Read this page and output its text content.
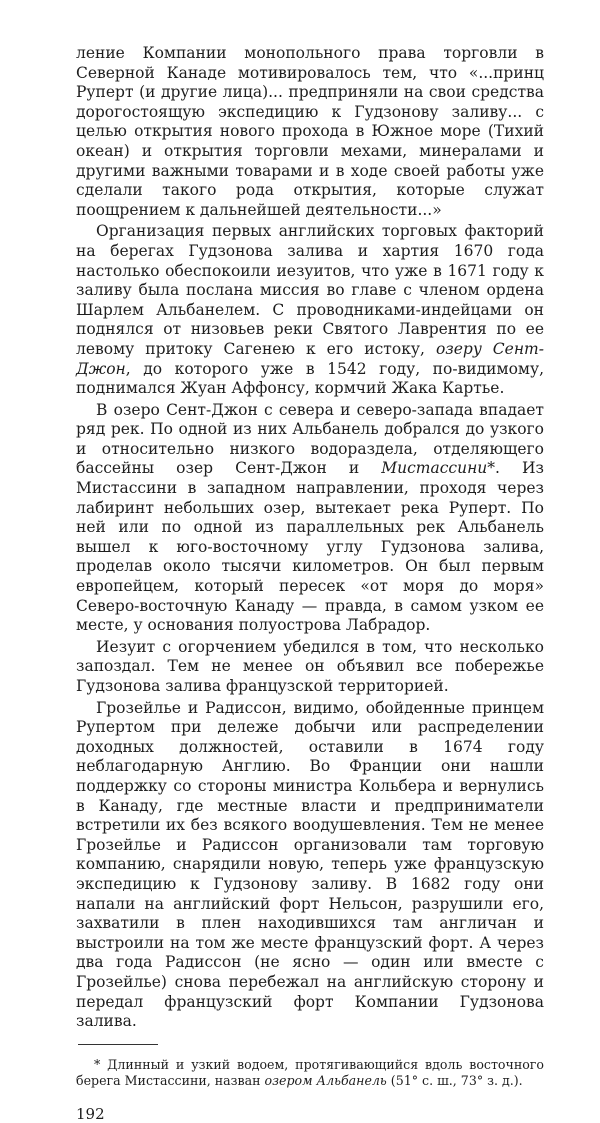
ление Компании монопольного права торговли в Северной Канаде мотивировалось тем, что «...принц Руперт (и другие лица)... предприняли на свои средства дорогостоящую экспедицию к Гудзонову заливу... с целью открытия нового прохода в Южное море (Тихий океан) и открытия торговли мехами, минералами и другими важными товарами и в ходе своей работы уже сделали такого рода открытия, которые служат поощрением к дальнейшей деятельности...»

Организация первых английских торговых факторий на берегах Гудзонова залива и хартия 1670 года настолько обеспокоили иезуитов, что уже в 1671 году к заливу была послана миссия во главе с членом ордена Шарлем Альбанелем. С проводниками-индейцами он поднялся от низовьев реки Святого Лаврентия по ее левому притоку Сагенею к его истоку, озеру Сент-Джон, до которого уже в 1542 году, по-видимому, поднимался Жуан Аффонсу, кормчий Жака Картье.

В озеро Сент-Джон с севера и северо-запада впадает ряд рек. По одной из них Альбанель добрался до узкого и относительно низкого водораздела, отделяющего бассейны озер Сент-Джон и Мистассини*. Из Мистассини в западном направлении, проходя через лабиринт небольших озер, вытекает река Руперт. По ней или по одной из параллельных рек Альбанель вышел к юго-восточному углу Гудзонова залива, проделав около тысячи километров. Он был первым европейцем, который пересек «от моря до моря» Северо-восточную Канаду — правда, в самом узком ее месте, у основания полуострова Лабрадор.

Иезуит с огорчением убедился в том, что несколько запоздал. Тем не менее он объявил все побережье Гудзонова залива французской территорией.

Грозейлье и Радиссон, видимо, обойденные принцем Рупертом при дележе добычи или распределении доходных должностей, оставили в 1674 году неблагодарную Англию. Во Франции они нашли поддержку со стороны министра Кольбера и вернулись в Канаду, где местные власти и предприниматели встретили их без всякого воодушевления. Тем не менее Грозейлье и Радиссон организовали там торговую компанию, снарядили новую, теперь уже французскую экспедицию к Гудзонову заливу. В 1682 году они напали на английский форт Нельсон, разрушили его, захватили в плен находившихся там англичан и выстроили на том же месте французский форт. А через два года Радиссон (не ясно — один или вместе с Грозейлье) снова перебежал на английскую сторону и передал французский форт Компании Гудзонова залива.

* Длинный и узкий водоем, протягивающийся вдоль восточного берега Мистассини, назван озером Альбанель (51° с. ш., 73° з. д.).
192
